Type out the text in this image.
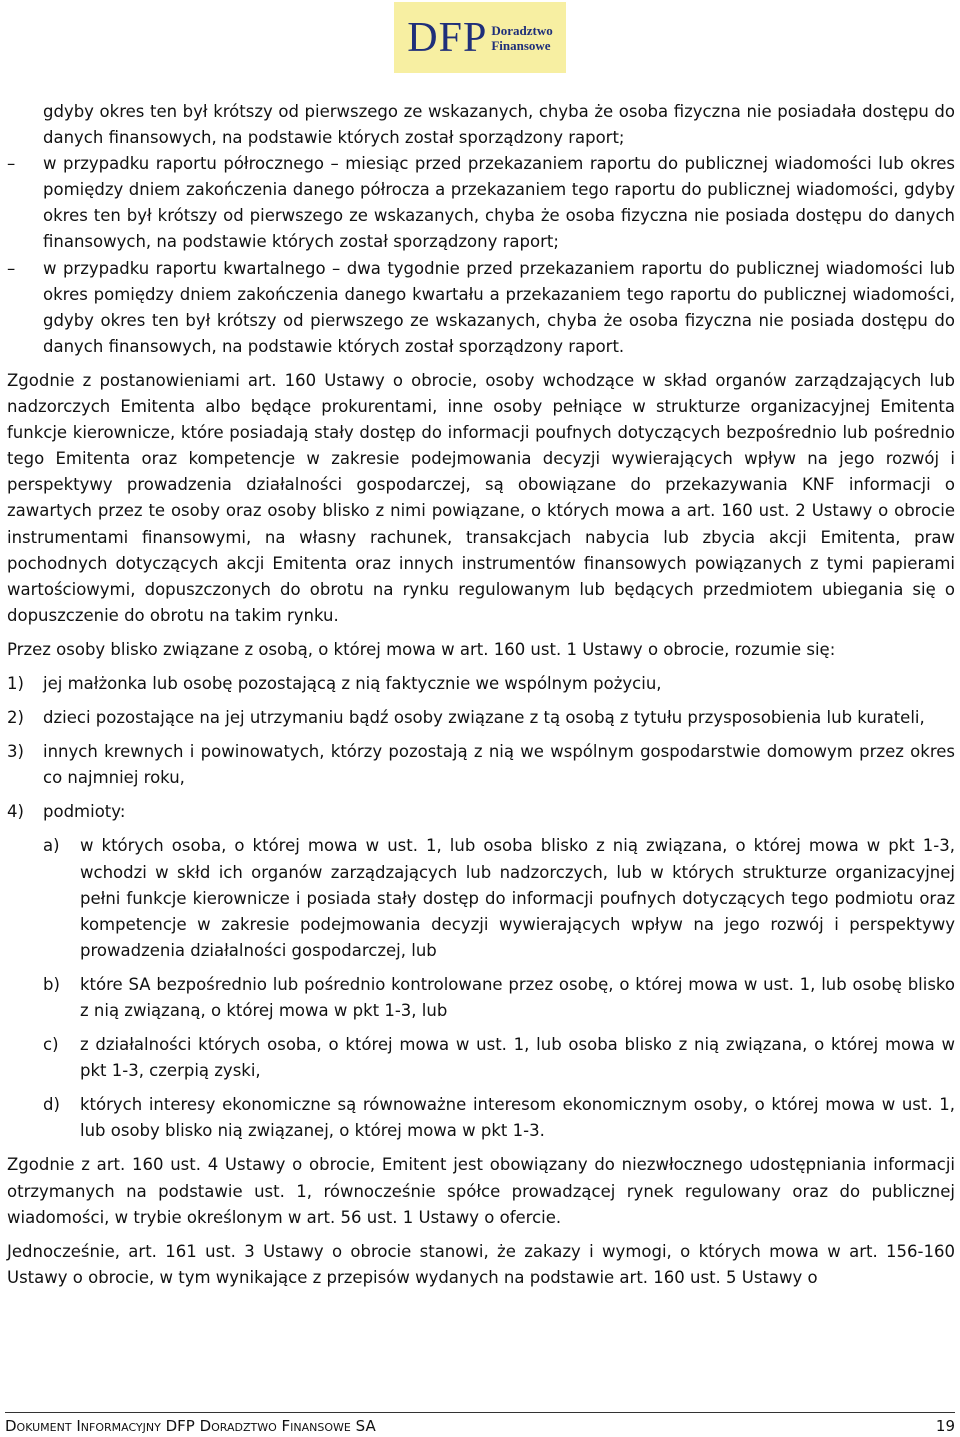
DFP Doradztwo
Finansowe

gdyby okres ten był krótszy od pierwszego ze wskazanych, chyba że osoba fizyczna nie posiadała dostępu do danych finansowych, na podstawie których został sporządzony raport;

– w przypadku raportu półrocznego – miesiąc przed przekazaniem raportu do publicznej wiadomości lub okres pomiędzy dniem zakończenia danego półrocza a przekazaniem tego raportu do publicznej wiadomości, gdyby okres ten był krótszy od pierwszego ze wskazanych, chyba że osoba fizyczna nie posiada dostępu do danych finansowych, na podstawie których został sporządzony raport;

– w przypadku raportu kwartalnego – dwa tygodnie przed przekazaniem raportu do publicznej wiadomości lub okres pomiędzy dniem zakończenia danego kwartału a przekazaniem tego raportu do publicznej wiadomości, gdyby okres ten był krótszy od pierwszego ze wskazanych, chyba że osoba fizyczna nie posiada dostępu do danych finansowych, na podstawie których został sporządzony raport.

Zgodnie z postanowieniami art. 160 Ustawy o obrocie, osoby wchodzące w skład organów zarządzających lub nadzorczych Emitenta albo będące prokurentami, inne osoby pełniące w strukturze organizacyjnej Emitenta funkcje kierownicze, które posiadają stały dostęp do informacji poufnych dotyczących bezpośrednio lub pośrednio tego Emitenta oraz kompetencje w zakresie podejmowania decyzji wywierających wpływ na jego rozwój i perspektywy prowadzenia działalności gospodarczej, są obowiązane do przekazywania KNF informacji o zawartych przez te osoby oraz osoby blisko z nimi powiązane, o których mowa a art. 160 ust. 2 Ustawy o obrocie instrumentami finansowymi, na własny rachunek, transakcjach nabycia lub zbycia akcji Emitenta, praw pochodnych dotyczących akcji Emitenta oraz innych instrumentów finansowych powiązanych z tymi papierami wartościowymi, dopuszczonych do obrotu na rynku regulowanym lub będących przedmiotem ubiegania się o dopuszczenie do obrotu na takim rynku.

Przez osoby blisko związane z osobą, o której mowa w art. 160 ust. 1 Ustawy o obrocie, rozumie się:

1) jej małżonka lub osobę pozostającą z nią faktycznie we wspólnym pożyciu,

2) dzieci pozostające na jej utrzymaniu bądź osoby związane z tą osobą z tytułu przysposobienia lub kurateli,

3) innych krewnych i powinowatych, którzy pozostają z nią we wspólnym gospodarstwie domowym przez okres co najmniej roku,

4) podmioty:

a) w których osoba, o której mowa w ust. 1, lub osoba blisko z nią związana, o której mowa w pkt 1-3, wchodzi w skłd ich organów zarządzających lub nadzorczych, lub w których strukturze organizacyjnej pełni funkcje kierownicze i posiada stały dostęp do informacji poufnych dotyczących tego podmiotu oraz kompetencje w zakresie podejmowania decyzji wywierających wpływ na jego rozwój i perspektywy prowadzenia działalności gospodarczej, lub

b) które SA bezpośrednio lub pośrednio kontrolowane przez osobę, o której mowa w ust. 1, lub osobę blisko z nią związaną, o której mowa w pkt 1-3, lub

c) z działalności których osoba, o której mowa w ust. 1, lub osoba blisko z nią związana, o której mowa w pkt 1-3, czerpią zyski,

d) których interesy ekonomiczne są równoważne interesom ekonomicznym osoby, o której mowa w ust. 1, lub osoby blisko nią związanej, o której mowa w pkt 1-3.

Zgodnie z art. 160 ust. 4 Ustawy o obrocie, Emitent jest obowiązany do niezwłocznego udostępniania informacji otrzymanych na podstawie ust. 1, równocześnie spółce prowadzącej rynek regulowany oraz do publicznej wiadomości, w trybie określonym w art. 56 ust. 1 Ustawy o ofercie.

Jednocześnie, art. 161 ust. 3 Ustawy o obrocie stanowi, że zakazy i wymogi, o których mowa w art. 156-160 Ustawy o obrocie, w tym wynikające z przepisów wydanych na podstawie art. 160 ust. 5 Ustawy o

Dokument Informacyjny DFP Doradztwo Finansowe SA	19
